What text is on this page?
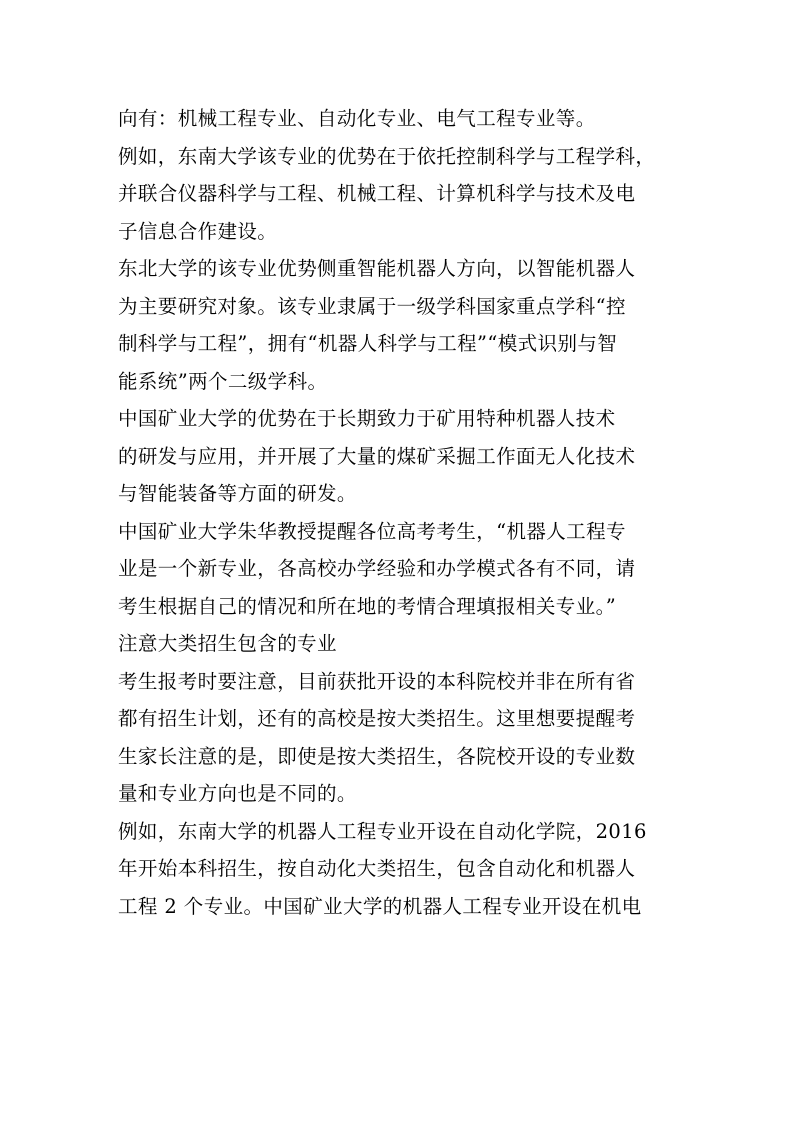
向有：机械工程专业、自动化专业、电气工程专业等。
例如，东南大学该专业的优势在于依托控制科学与工程学科，
并联合仪器科学与工程、机械工程、计算机科学与技术及电
子信息合作建设。
东北大学的该专业优势侧重智能机器人方向，以智能机器人
为主要研究对象。该专业隶属于一级学科国家重点学科“控
制科学与工程”，拥有“机器人科学与工程”“模式识别与智
能系统”两个二级学科。
中国矿业大学的优势在于长期致力于矿用特种机器人技术
的研发与应用，并开展了大量的煤矿采掘工作面无人化技术
与智能装备等方面的研发。
中国矿业大学朱华教授提醒各位高考考生，“机器人工程专
业是一个新专业，各高校办学经验和办学模式各有不同，请
考生根据自己的情况和所在地的考情合理填报相关专业。”
注意大类招生包含的专业
考生报考时要注意，目前获批开设的本科院校并非在所有省
都有招生计划，还有的高校是按大类招生。这里想要提醒考
生家长注意的是，即使是按大类招生，各院校开设的专业数
量和专业方向也是不同的。
例如，东南大学的机器人工程专业开设在自动化学院，2016
年开始本科招生，按自动化大类招生，包含自动化和机器人
工程 2 个专业。中国矿业大学的机器人工程专业开设在机电
